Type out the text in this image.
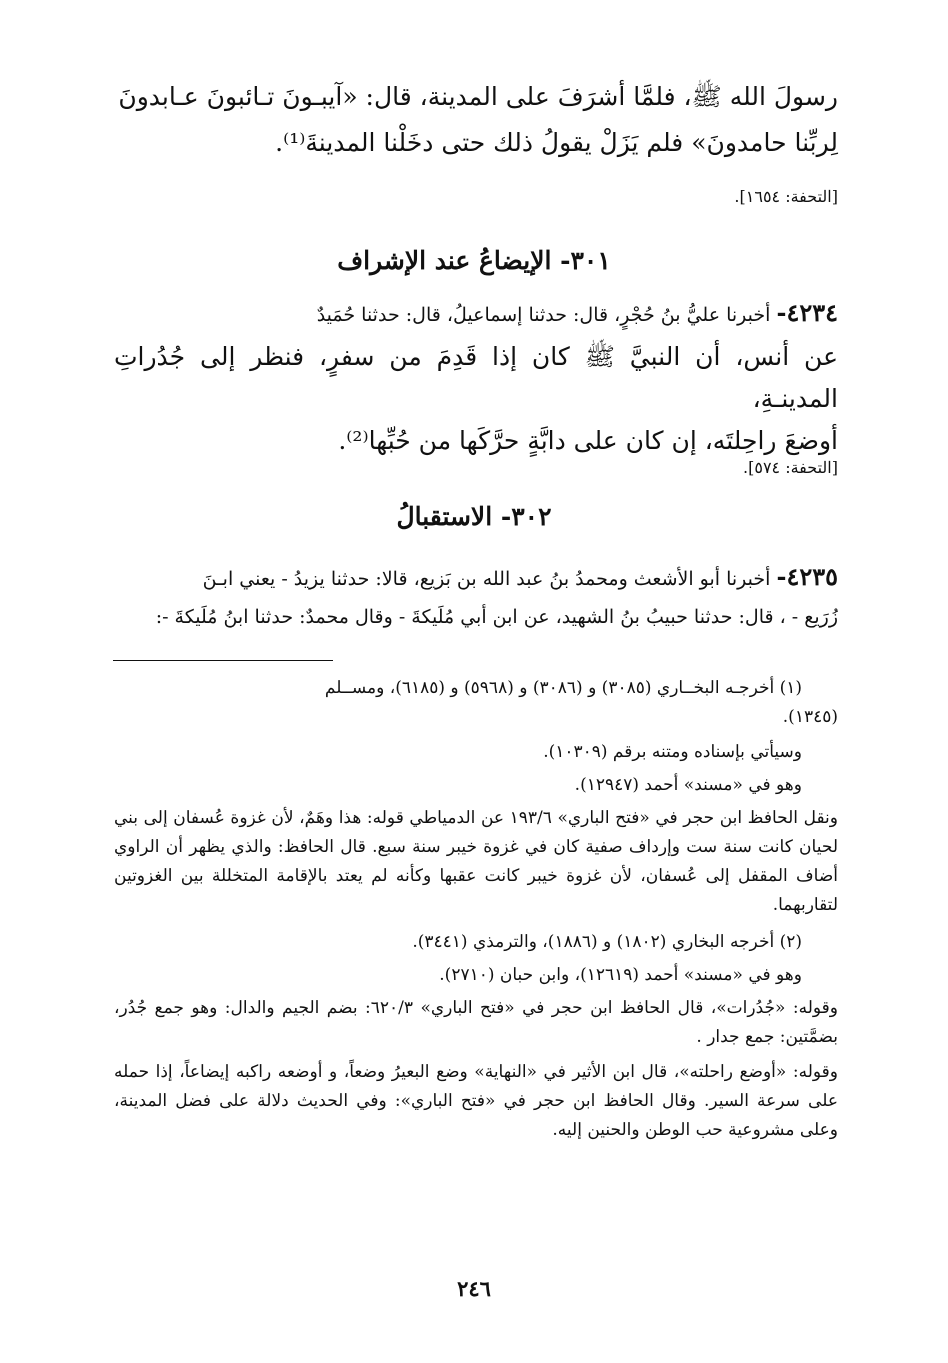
رسولَ الله ﷺ، فلمَّا أشرَفَ على المدينة، قال: «آيبـونَ تـائبونَ عـابدونَ
لِربِّنا حامدونَ» فلم يَزَلْ يقولُ ذلك حتى دخَلْنا المدينةَ⁽¹⁾.
[التحفة: ١٦٥٤].
٣٠١- الإيضاعُ عند الإشراف
٤٢٣٤- أخبرنا عليُّ بنُ حُجْرٍ، قال: حدثنا إسماعيلُ، قال: حدثنا حُمَيدٌ
عن أنس، أن النبيَّ ﷺ كان إذا قَدِمَ من سفرٍ، فنظر إلى جُدُراتِ المدينـةِ،
أوضعَ راحِلتَه، إن كان على دابَّةٍ حرَّكَها من حُبِّها⁽²⁾.
[التحفة: ٥٧٤].
٣٠٢- الاستقبالُ
٤٢٣٥- أخبرنا أبو الأشعث ومحمدُ بنُ عبد الله بن بَزيع، قالا: حدثنا يزيدُ - يعني ابـنَ
زُرَيع - ، قال: حدثنا حبيبُ بنُ الشهيد، عن ابن أبي مُلَيكةَ - وقال محمدٌ: حدثنا ابنُ مُلَيكةَ -:

(١) أخرجـه البخــاري (٣٠٨٥) و (٣٠٨٦) و (٥٩٦٨) و (٦١٨٥)، ومســلم

(١٣٤٥).

وسيأتي بإسناده ومتنه برقم (١٠٣٠٩).

وهو في «مسند» أحمد (١٢٩٤٧).

ونقل الحافظ ابن حجر في «فتح الباري» ١٩٣/٦ عن الدمياطي قوله: هذا وهَمٌ، لأن غزوة عُسفان إلى بني لحيان كانت سنة ست وإرداف صفية كان في غزوة خيبر سنة سبع. قال الحافظ: والذي يظهر أن الراوي أضاف المقفل إلى عُسفان، لأن غزوة خيبر كانت عقبها وكأنه لم يعتد بالإقامة المتخللة بين الغزوتين لتقاربهما.

(٢) أخرجه البخاري (١٨٠٢) و (١٨٨٦)، والترمذي (٣٤٤١).

وهو في «مسند» أحمد (١٢٦١٩)، وابن حبان (٢٧١٠).

وقوله: «جُدُرات»، قال الحافظ ابن حجر في «فتح الباري» ٦٢٠/٣: بضم الجيم والدال: وهو جمع جُدُر، بضمَّتين: جمع جدار .

وقوله: «أوضع راحلته»، قال ابن الأثير في «النهاية» وضع البعيرُ وضعاً، و أوضعه راكبه إيضاعاً، إذا حمله على سرعة السير. وقال الحافظ ابن حجر في «فتح الباري»: وفي الحديث دلالة على فضل المدينة، وعلى مشروعية حب الوطن والحنين إليه.

٢٤٦
